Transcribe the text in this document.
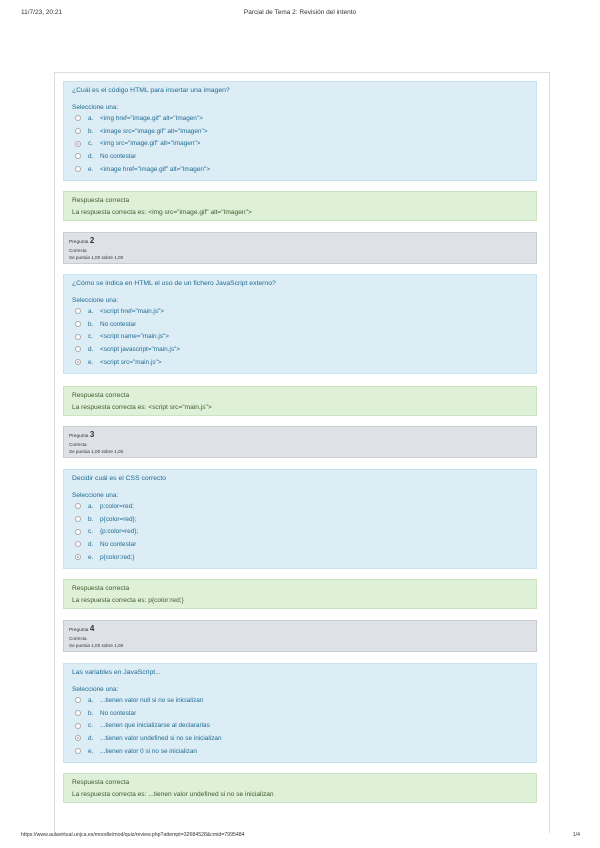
11/7/23, 20:21	Parcial de Tema 2: Revisión del intento
¿Cuál es el código HTML para insertar una imagen?
Seleccione una:
a.	<img href="image.gif" alt="Imagen">
b.	<image src="image.gif" alt="Imagen">
c.	<img src="image.gif" alt="Imagen">
d.	No contestar
e.	<image href="image.gif" alt="Imagen">
Respuesta correcta
La respuesta correcta es: <img src="image.gif" alt="Imagen">
Pregunta 2
Correcta
Se puntúa 1,00 sobre 1,00
¿Cómo se indica en HTML el uso de un fichero JavaScript externo?
Seleccione una:
a.	<script href="main.js">
b.	No contestar
c.	<script name="main.js">
d.	<script javascript="main.js">
e.	<script src="main.js">
Respuesta correcta
La respuesta correcta es: <script src="main.js">
Pregunta 3
Correcta
Se puntúa 1,00 sobre 1,00
Decidir cuál es el CSS correcto
Seleccione una:
a.	p:color=red;
b.	p{color=red};
c.	{p:color=red};
d.	No contestar
e.	p{color:red;}
Respuesta correcta
La respuesta correcta es: p{color:red;}
Pregunta 4
Correcta
Se puntúa 1,00 sobre 1,00
Las variables en JavaScript...
Seleccione una:
a.	...tienen valor null si no se inicializan
b.	No contestar
c.	...tienen que inicializarse al declararlas
d.	...tienen valor undefined si no se inicializan
e.	...tienen valor 0 si no se inicializan
Respuesta correcta
La respuesta correcta es: ...tienen valor undefined si no se inicializan
https://www.aulavirtual.unjca.es/moodle/mod/quiz/review.php?attempt=32684528&cmid=7995484	1/4
